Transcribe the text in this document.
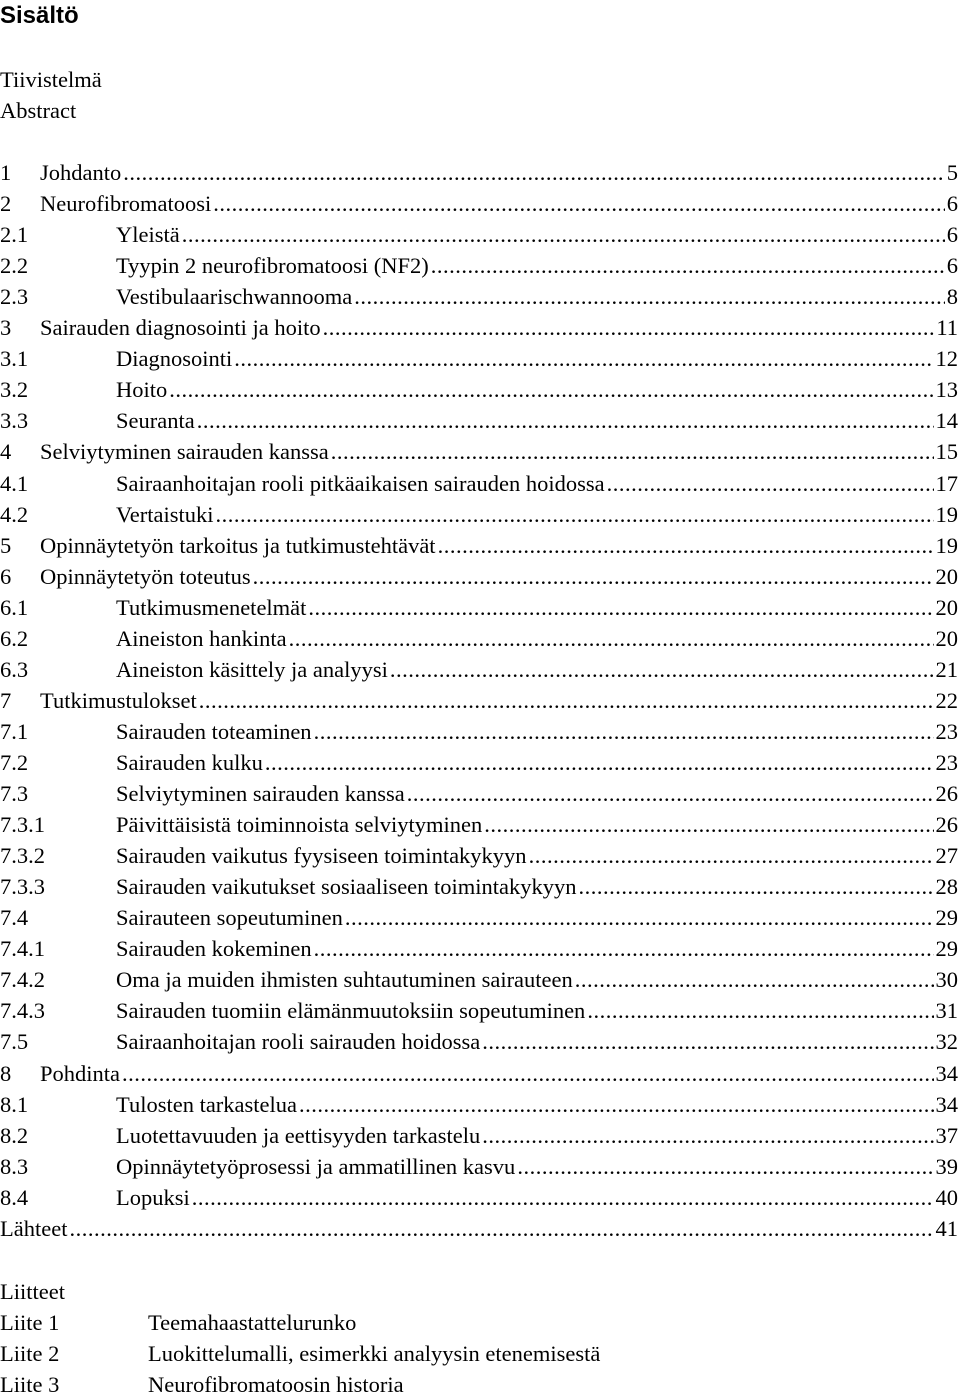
Sisältö
Tiivistelmä
Abstract
1	Johdanto .....	5
2	Neurofibromatoosi .....	6
2.1	Yleistä .....	6
2.2	Tyypin 2 neurofibromatoosi (NF2) .....	6
2.3	Vestibulaarischwannooma .....	8
3	Sairauden diagnosointi ja hoito .....	11
3.1	Diagnosointi .....	12
3.2	Hoito .....	13
3.3	Seuranta .....	14
4	Selviytyminen sairauden kanssa .....	15
4.1	Sairaanhoitajan rooli pitkäaikaisen sairauden hoidossa .....	17
4.2	Vertaistuki .....	19
5	Opinnäytetyön tarkoitus ja tutkimustehtävät .....	19
6	Opinnäytetyön toteutus .....	20
6.1	Tutkimusmenetelmät .....	20
6.2	Aineiston hankinta .....	20
6.3	Aineiston käsittely ja analyysi .....	21
7	Tutkimustulokset .....	22
7.1	Sairauden toteaminen .....	23
7.2	Sairauden kulku .....	23
7.3	Selviytyminen sairauden kanssa .....	26
7.3.1	Päivittäisistä toiminnoista selviytyminen .....	26
7.3.2	Sairauden vaikutus fyysiseen toimintakykyyn .....	27
7.3.3	Sairauden vaikutukset sosiaaliseen toimintakykyyn .....	28
7.4	Sairauteen sopeutuminen .....	29
7.4.1	Sairauden kokeminen .....	29
7.4.2	Oma ja muiden ihmisten suhtautuminen sairauteen .....	30
7.4.3	Sairauden tuomiin elämänmuutoksiin sopeutuminen .....	31
7.5	Sairaanhoitajan rooli sairauden hoidossa .....	32
8	Pohdinta .....	34
8.1	Tulosten tarkastelua .....	34
8.2	Luotettavuuden ja eettisyyden tarkastelu .....	37
8.3	Opinnäytetyöprosessi ja ammatillinen kasvu .....	39
8.4	Lopuksi .....	40
Lähteet .....	41
Liitteet
Liite 1	Teemahaastattelurunko
Liite 2	Luokittelumalli, esimerkki analyysin etenemisestä
Liite 3	Neurofibromatoosin historia
